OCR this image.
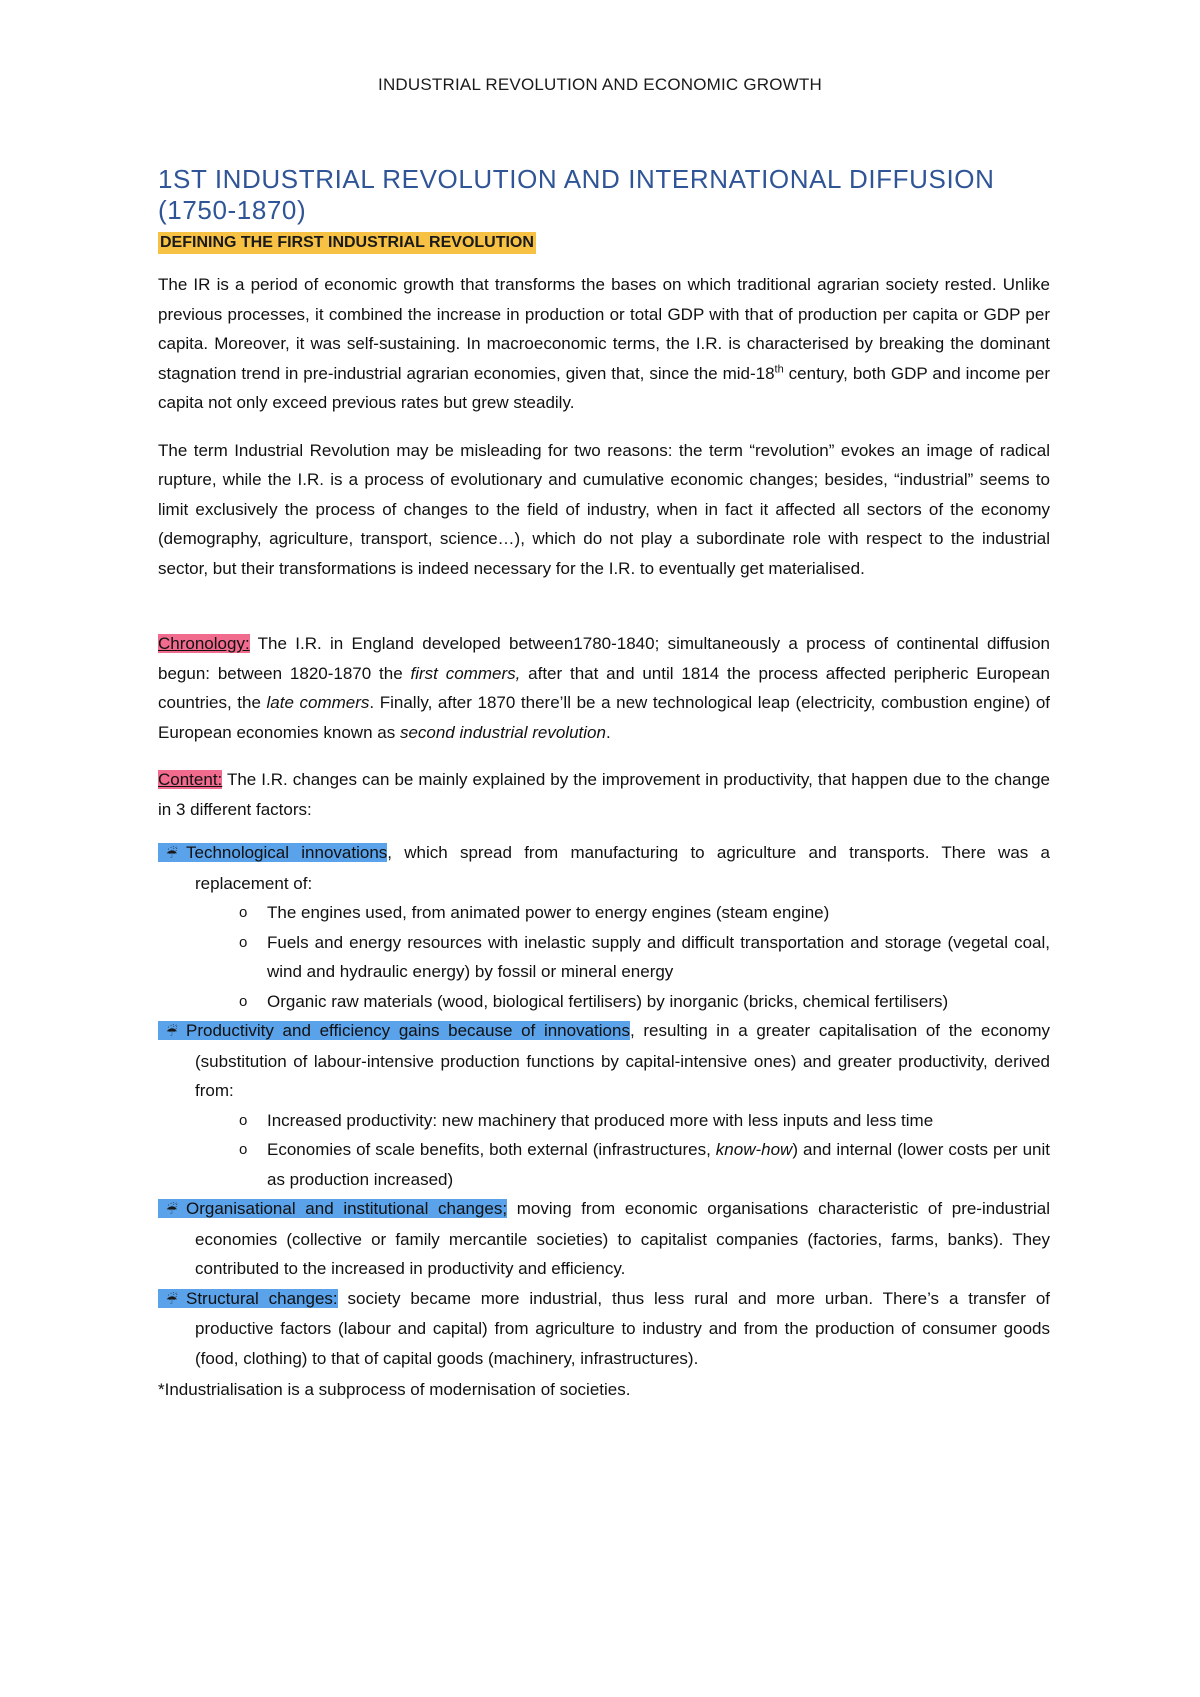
INDUSTRIAL REVOLUTION AND ECONOMIC GROWTH
1ST INDUSTRIAL REVOLUTION AND INTERNATIONAL DIFFUSION (1750-1870)
DEFINING THE FIRST INDUSTRIAL REVOLUTION

The IR is a period of economic growth that transforms the bases on which traditional agrarian society rested. Unlike previous processes, it combined the increase in production or total GDP with that of production per capita or GDP per capita. Moreover, it was self-sustaining. In macroeconomic terms, the I.R. is characterised by breaking the dominant stagnation trend in pre-industrial agrarian economies, given that, since the mid-18th century, both GDP and income per capita not only exceed previous rates but grew steadily.

The term Industrial Revolution may be misleading for two reasons: the term “revolution” evokes an image of radical rupture, while the I.R. is a process of evolutionary and cumulative economic changes; besides, “industrial” seems to limit exclusively the process of changes to the field of industry, when in fact it affected all sectors of the economy (demography, agriculture, transport, science…), which do not play a subordinate role with respect to the industrial sector, but their transformations is indeed necessary for the I.R. to eventually get materialised.

Chronology: The I.R. in England developed between1780-1840; simultaneously a process of continental diffusion begun: between 1820-1870 the first commers, after that and until 1814 the process affected peripheric European countries, the late commers. Finally, after 1870 there’ll be a new technological leap (electricity, combustion engine) of European economies known as second industrial revolution.

Content: The I.R. changes can be mainly explained by the improvement in productivity, that happen due to the change in 3 different factors:

☔ Technological innovations, which spread from manufacturing to agriculture and transports. There was a replacement of:
o The engines used, from animated power to energy engines (steam engine)
o Fuels and energy resources with inelastic supply and difficult transportation and storage (vegetal coal, wind and hydraulic energy) by fossil or mineral energy
o Organic raw materials (wood, biological fertilisers) by inorganic (bricks, chemical fertilisers)
☔ Productivity and efficiency gains because of innovations, resulting in a greater capitalisation of the economy (substitution of labour-intensive production functions by capital-intensive ones) and greater productivity, derived from:
o Increased productivity: new machinery that produced more with less inputs and less time
o Economies of scale benefits, both external (infrastructures, know-how) and internal (lower costs per unit as production increased)
☔ Organisational and institutional changes; moving from economic organisations characteristic of pre-industrial economies (collective or family mercantile societies) to capitalist companies (factories, farms, banks). They contributed to the increased in productivity and efficiency.
☔ Structural changes: society became more industrial, thus less rural and more urban. There’s a transfer of productive factors (labour and capital) from agriculture to industry and from the production of consumer goods (food, clothing) to that of capital goods (machinery, infrastructures).
*Industrialisation is a subprocess of modernisation of societies.
